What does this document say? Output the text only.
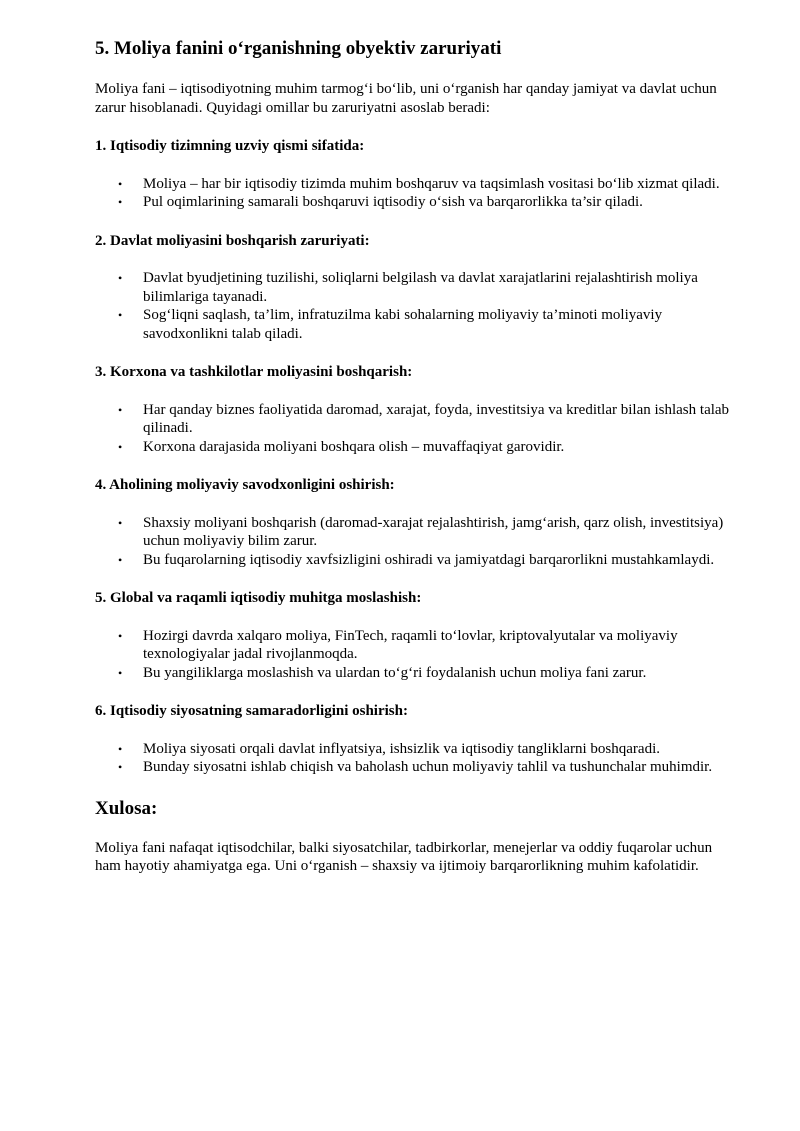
5. Moliya fanini o‘rganishning obyektiv zaruriyati

Moliya fani – iqtisodiyotning muhim tarmog‘i bo‘lib, uni o‘rganish har qanday jamiyat va davlat uchun zarur hisoblanadi. Quyidagi omillar bu zaruriyatni asoslab beradi:

1. Iqtisodiy tizimning uzviy qismi sifatida:
• Moliya – har bir iqtisodiy tizimda muhim boshqaruv va taqsimlash vositasi bo‘lib xizmat qiladi.
• Pul oqimlarining samarali boshqaruvi iqtisodiy o‘sish va barqarorlikka ta’sir qiladi.
2. Davlat moliyasini boshqarish zaruriyati:
• Davlat byudjetining tuzilishi, soliqlarni belgilash va davlat xarajatlarini rejalashtirish moliya bilimlariga tayanadi.
• Sog‘liqni saqlash, ta’lim, infratuzilma kabi sohalarning moliyaviy ta’minoti moliyaviy savodxonlikni talab qiladi.
3. Korxona va tashkilotlar moliyasini boshqarish:
• Har qanday biznes faoliyatida daromad, xarajat, foyda, investitsiya va kreditlar bilan ishlash talab qilinadi.
• Korxona darajasida moliyani boshqara olish – muvaffaqiyat garovidir.
4. Aholining moliyaviy savodxonligini oshirish:
• Shaxsiy moliyani boshqarish (daromad-xarajat rejalashtirish, jamg‘arish, qarz olish, investitsiya) uchun moliyaviy bilim zarur.
• Bu fuqarolarning iqtisodiy xavfsizligini oshiradi va jamiyatdagi barqarorlikni mustahkamlaydi.
5. Global va raqamli iqtisodiy muhitga moslashish:
• Hozirgi davrda xalqaro moliya, FinTech, raqamli to‘lovlar, kriptovalyutalar va moliyaviy texnologiyalar jadal rivojlanmoqda.
• Bu yangiliklarga moslashish va ulardan to‘g‘ri foydalanish uchun moliya fani zarur.
6. Iqtisodiy siyosatning samaradorligini oshirish:
• Moliya siyosati orqali davlat inflyatsiya, ishsizlik va iqtisodiy tangliklarni boshqaradi.
• Bunday siyosatni ishlab chiqish va baholash uchun moliyaviy tahlil va tushunchalar muhimdir.
Xulosa:

Moliya fani nafaqat iqtisodchilar, balki siyosatchilar, tadbirkorlar, menejerlar va oddiy fuqarolar uchun ham hayotiy ahamiyatga ega. Uni o‘rganish – shaxsiy va ijtimoiy barqarorlikning muhim kafolatidir.
